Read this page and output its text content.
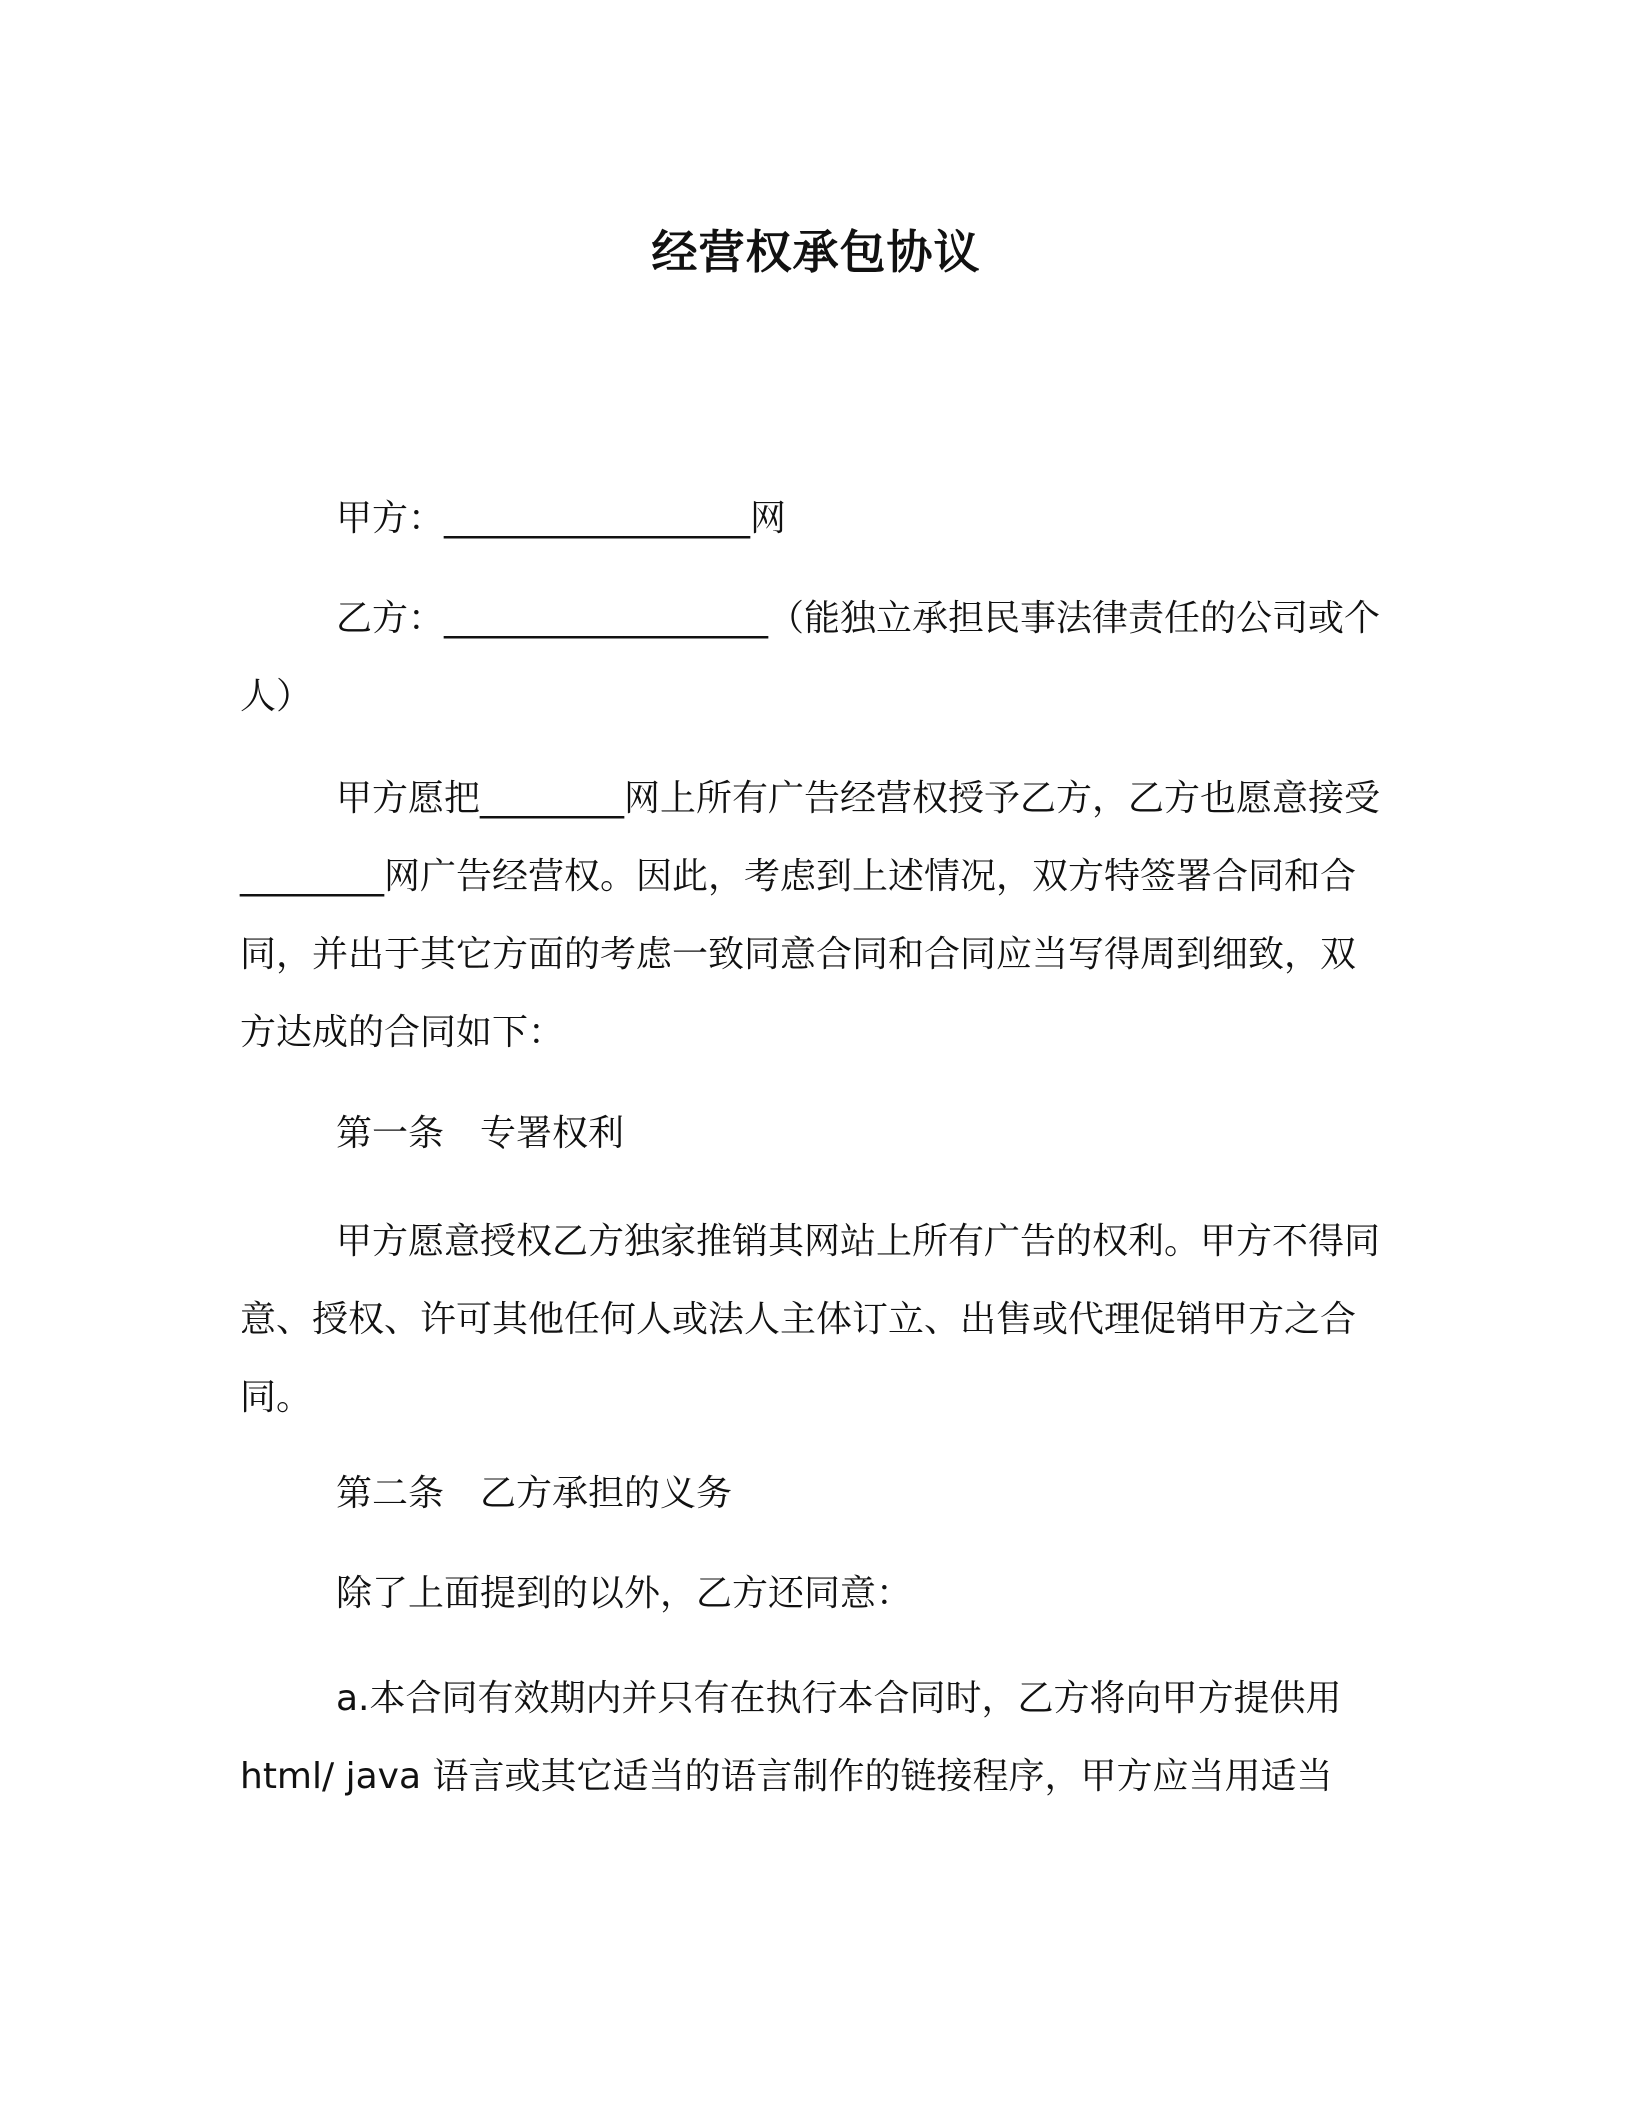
经营权承包协议
甲方：_________________网

乙方：__________________（能独立承担民事法律责任的公司或个人）

甲方愿把________网上所有广告经营权授予乙方，乙方也愿意接受________网广告经营权。因此，考虑到上述情况，双方特签署合同和合同，并出于其它方面的考虑一致同意合同和合同应当写得周到细致，双方达成的合同如下：

第一条　专署权利

甲方愿意授权乙方独家推销其网站上所有广告的权利。甲方不得同意、授权、许可其他任何人或法人主体订立、出售或代理促销甲方之合同。

第二条　乙方承担的义务
除了上面提到的以外，乙方还同意：

a.本合同有效期内并只有在执行本合同时，乙方将向甲方提供用html/ java 语言或其它适当的语言制作的链接程序，甲方应当用适当
